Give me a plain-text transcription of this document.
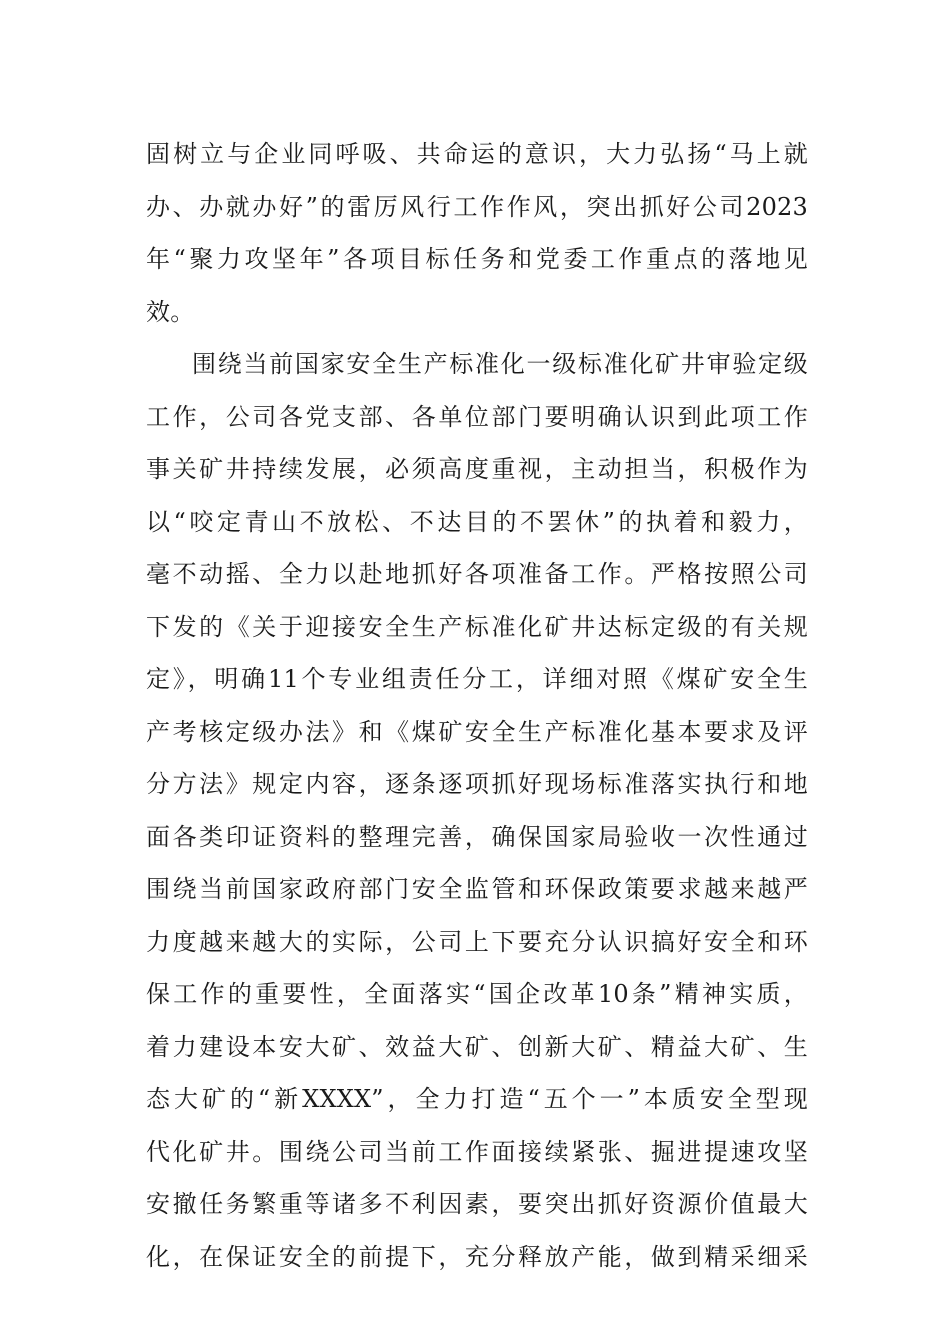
固树立与企业同呼吸、共命运的意识，大力弘扬“马上就
办、办就办好”的雷厉风行工作作风，突出抓好公司2023
年“聚力攻坚年”各项目标任务和党委工作重点的落地见
效。
围绕当前国家安全生产标准化一级标准化矿井审验定级
工作，公司各党支部、各单位部门要明确认识到此项工作
事关矿井持续发展，必须高度重视，主动担当，积极作为
以“咬定青山不放松、不达目的不罢休”的执着和毅力，
毫不动摇、全力以赴地抓好各项准备工作。严格按照公司
下发的《关于迎接安全生产标准化矿井达标定级的有关规
定》，明确11个专业组责任分工，详细对照《煤矿安全生
产考核定级办法》和《煤矿安全生产标准化基本要求及评
分方法》规定内容，逐条逐项抓好现场标准落实执行和地
面各类印证资料的整理完善，确保国家局验收一次性通过
围绕当前国家政府部门安全监管和环保政策要求越来越严
力度越来越大的实际，公司上下要充分认识搞好安全和环
保工作的重要性，全面落实“国企改革10条”精神实质，
着力建设本安大矿、效益大矿、创新大矿、精益大矿、生
态大矿的“新XXXX”，全力打造“五个一”本质安全型现
代化矿井。围绕公司当前工作面接续紧张、掘进提速攻坚
安撤任务繁重等诸多不利因素，要突出抓好资源价值最大
化，在保证安全的前提下，充分释放产能，做到精采细采
